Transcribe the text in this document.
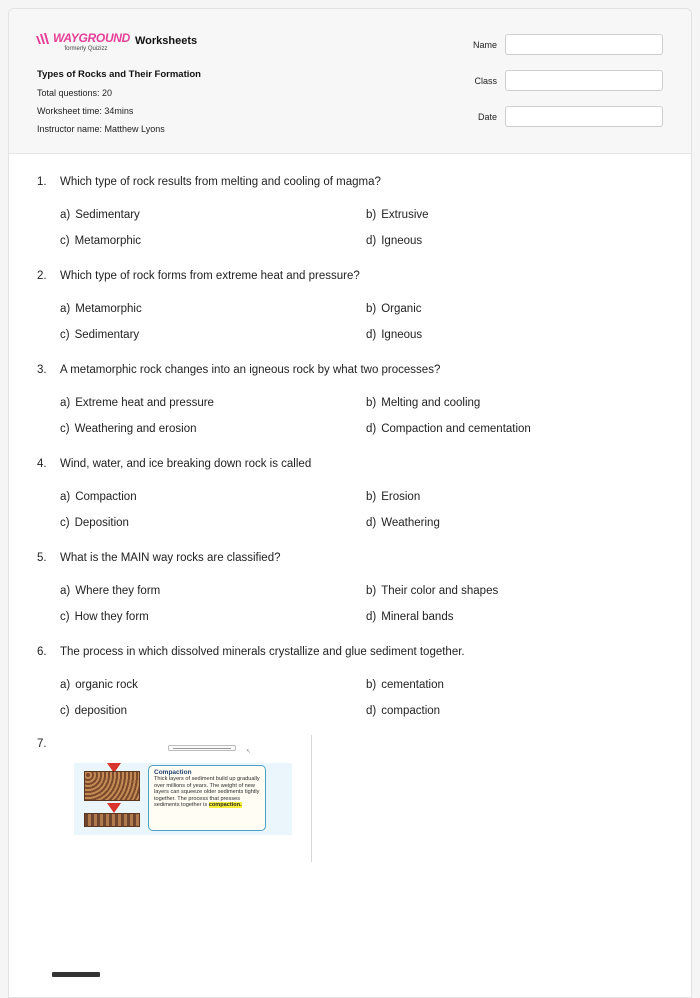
WAYGROUND
formerly Quizizz
Worksheets
Types of Rocks and Their Formation
Total questions: 20
Worksheet time: 34mins
Instructor name: Matthew Lyons
Name
Class
Date
1.	Which type of rock results from melting and cooling of magma?
a) Sedimentary	b) Extrusive
c) Metamorphic	d) Igneous
2.	Which type of rock forms from extreme heat and pressure?
a) Metamorphic	b) Organic
c) Sedimentary	d) Igneous
3.	A metamorphic rock changes into an igneous rock by what two processes?
a) Extreme heat and pressure	b) Melting and cooling
c) Weathering and erosion	d) Compaction and cementation
4.	Wind, water, and ice breaking down rock is called
a) Compaction	b) Erosion
c) Deposition	d) Weathering
5.	What is the MAIN way rocks are classified?
a) Where they form	b) Their color and shapes
c) How they form	d) Mineral bands
6.	The process in which dissolved minerals crystallize and glue sediment together.
a) organic rock	b) cementation
c) deposition	d) compaction
7.
↖
Compaction
Thick layers of sediment build up gradually over millions of years. The weight of new layers can squeeze older sediments tightly together. The process that presses sediments together is compaction.
